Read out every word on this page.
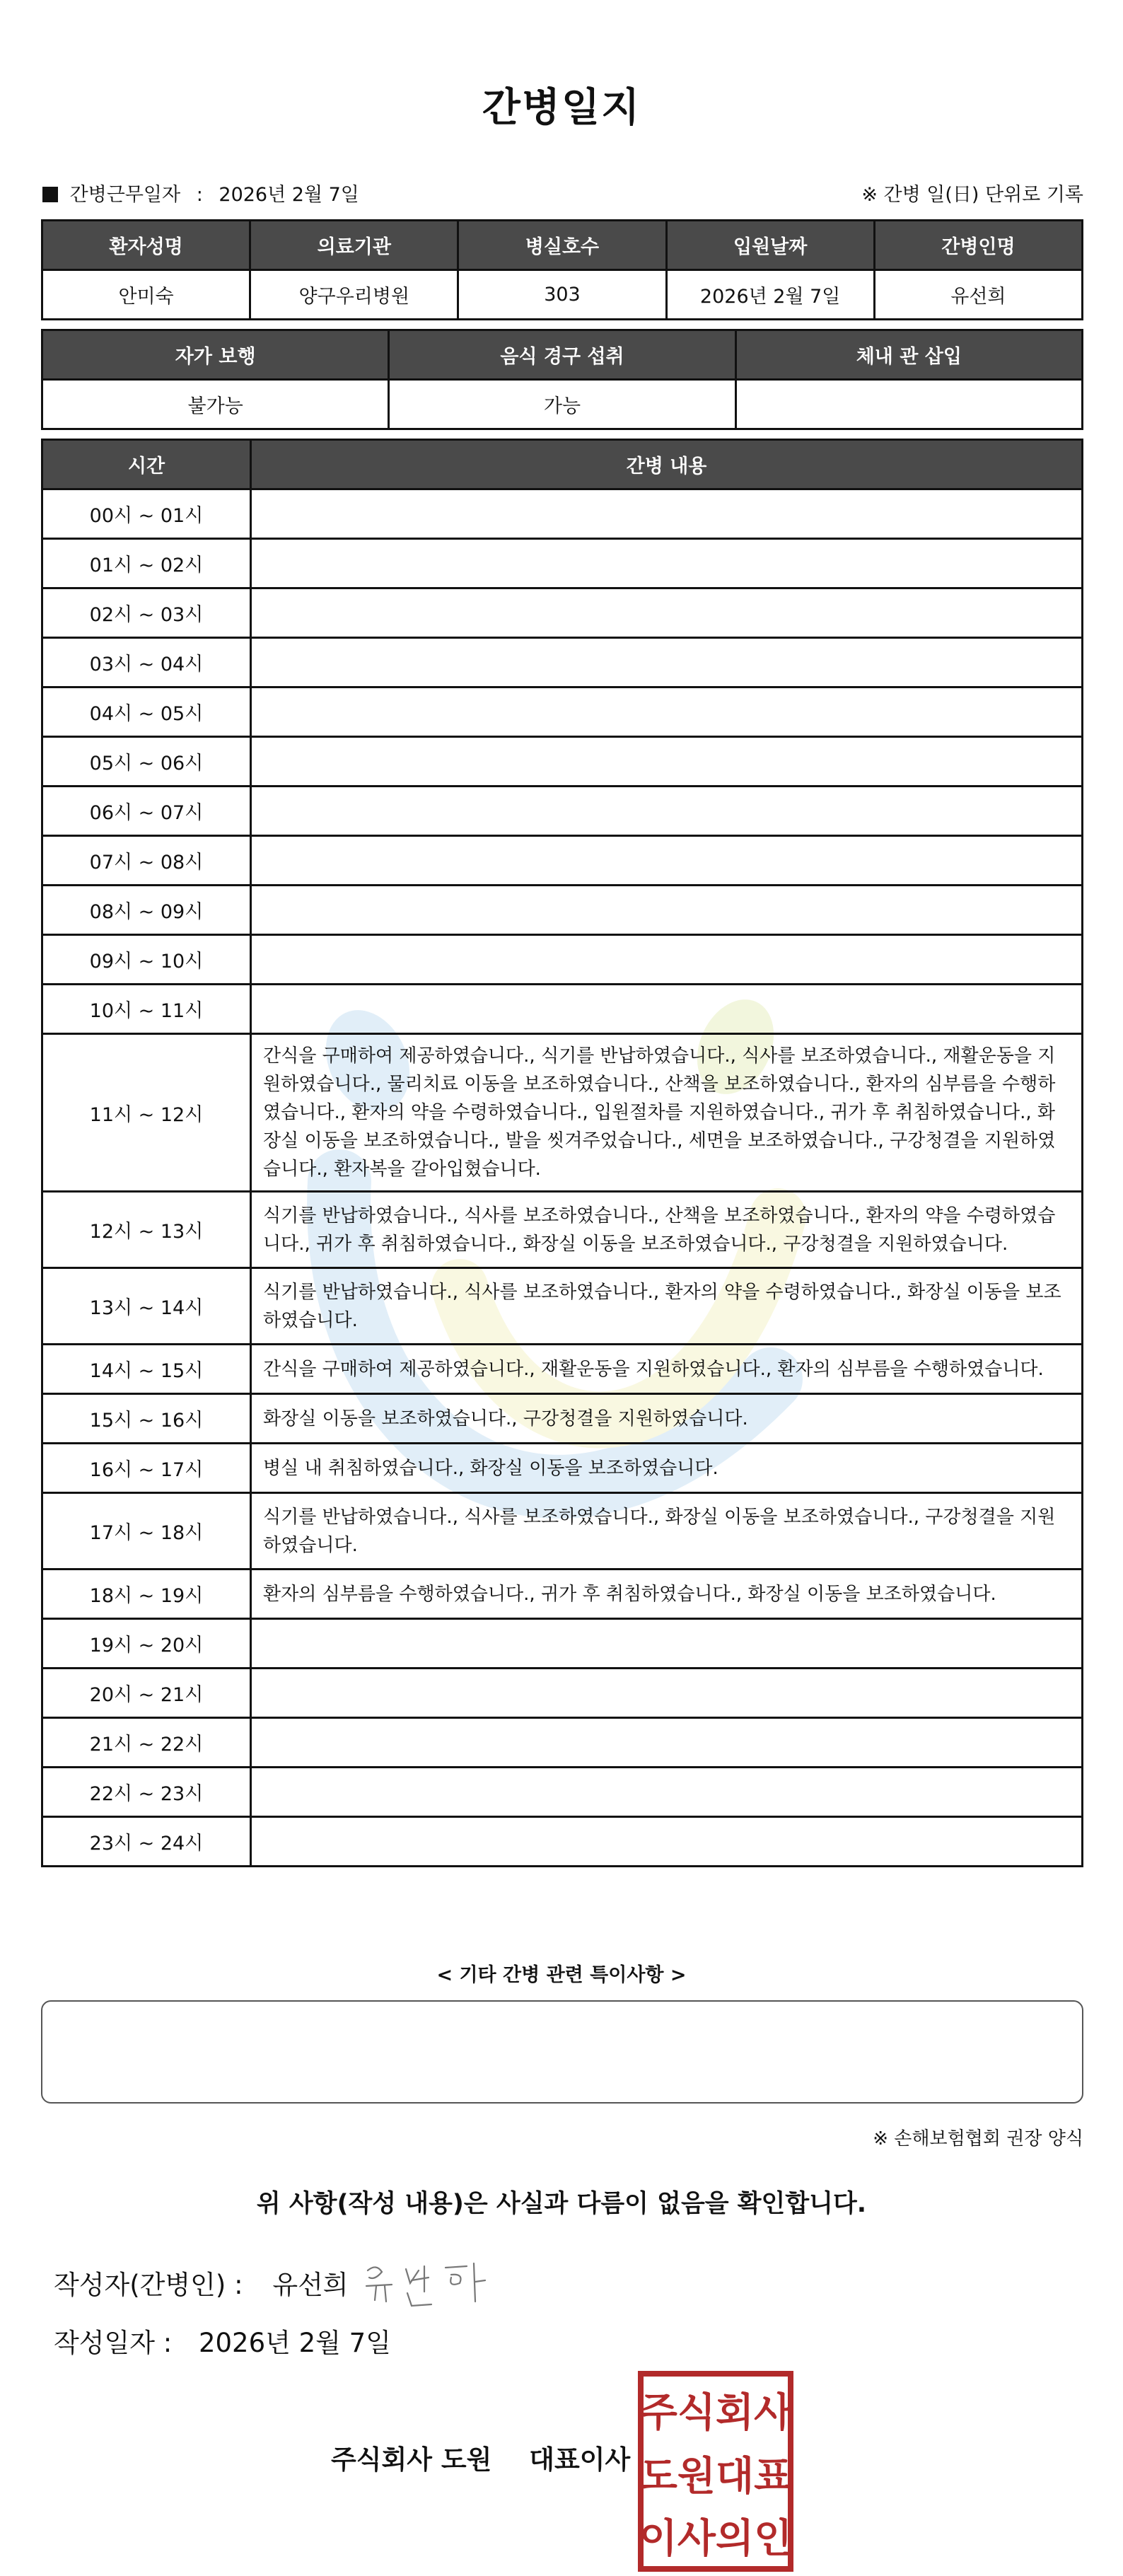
간병일지
간병근무일자 : 2026년 2월 7일	※ 간병 일(日) 단위로 기록
환자성명	의료기관	병실호수	입원날짜	간병인명
안미숙	양구우리병원	303	2026년 2월 7일	유선희
자가 보행	음식 경구 섭취	체내 관 삽입
불가능	가능	
시간	간병 내용
00시 ~ 01시	
01시 ~ 02시	
02시 ~ 03시	
03시 ~ 04시	
04시 ~ 05시	
05시 ~ 06시	
06시 ~ 07시	
07시 ~ 08시	
08시 ~ 09시	
09시 ~ 10시	
10시 ~ 11시	
11시 ~ 12시	간식을 구매하여 제공하였습니다., 식기를 반납하였습니다., 식사를 보조하였습니다., 재활운동을 지원하였습니다., 물리치료 이동을 보조하였습니다., 산책을 보조하였습니다., 환자의 심부름을 수행하였습니다., 환자의 약을 수령하였습니다., 입원절차를 지원하였습니다., 귀가 후 취침하였습니다., 화장실 이동을 보조하였습니다., 발을 씻겨주었습니다., 세면을 보조하였습니다., 구강청결을 지원하였습니다., 환자복을 갈아입혔습니다.
12시 ~ 13시	식기를 반납하였습니다., 식사를 보조하였습니다., 산책을 보조하였습니다., 환자의 약을 수령하였습니다., 귀가 후 취침하였습니다., 화장실 이동을 보조하였습니다., 구강청결을 지원하였습니다.
13시 ~ 14시	식기를 반납하였습니다., 식사를 보조하였습니다., 환자의 약을 수령하였습니다., 화장실 이동을 보조하였습니다.
14시 ~ 15시	간식을 구매하여 제공하였습니다., 재활운동을 지원하였습니다., 환자의 심부름을 수행하였습니다.
15시 ~ 16시	화장실 이동을 보조하였습니다., 구강청결을 지원하였습니다.
16시 ~ 17시	병실 내 취침하였습니다., 화장실 이동을 보조하였습니다.
17시 ~ 18시	식기를 반납하였습니다., 식사를 보조하였습니다., 화장실 이동을 보조하였습니다., 구강청결을 지원하였습니다.
18시 ~ 19시	환자의 심부름을 수행하였습니다., 귀가 후 취침하였습니다., 화장실 이동을 보조하였습니다.
19시 ~ 20시	
20시 ~ 21시	
21시 ~ 22시	
22시 ~ 23시	
23시 ~ 24시	
< 기타 간병 관련 특이사항 >
※ 손해보험협회 권장 양식
위 사항(작성 내용)은 사실과 다름이 없음을 확인합니다.
작성자(간병인) : 유선희
작성일자 : 2026년 2월 7일
주식회사 도원 대표이사
주식회사
도원대표
이사의인
